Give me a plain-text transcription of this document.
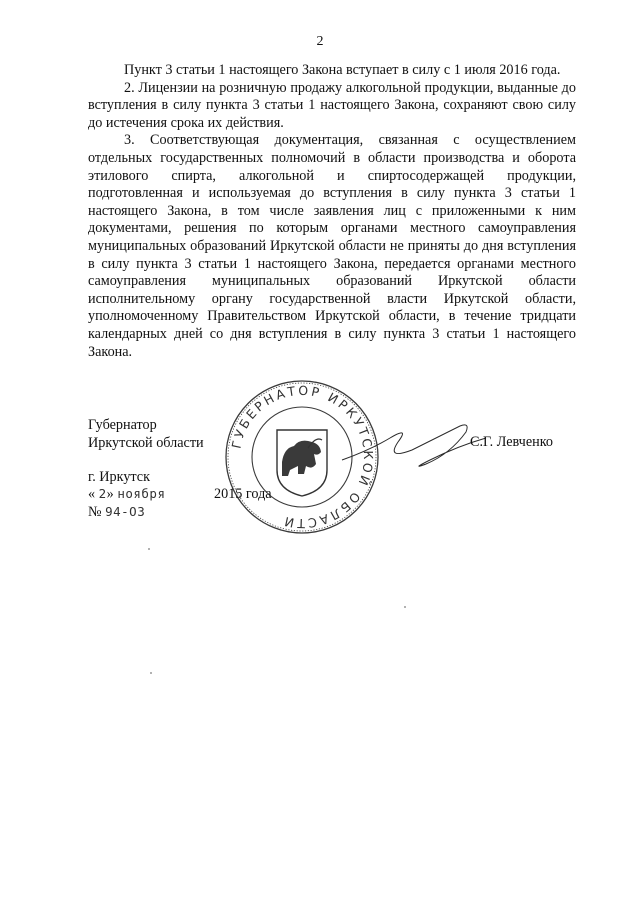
2

Пункт 3 статьи 1 настоящего Закона вступает в силу с 1 июля 2016 года.

2. Лицензии на розничную продажу алкогольной продукции, выданные до вступления в силу пункта 3 статьи 1 настоящего Закона, сохраняют свою силу до истечения срока их действия.

3. Соответствующая документация, связанная с осуществлением отдельных государственных полномочий в области производства и оборота этилового спирта, алкогольной и спиртосодержащей продукции, подготовленная и используемая до вступления в силу пункта 3 статьи 1 настоящего Закона, в том числе заявления лиц с приложенными к ним документами, решения по которым органами местного самоуправления муниципальных образований Иркутской области не приняты до дня вступления в силу пункта 3 статьи 1 настоящего Закона, передается органами местного самоуправления муниципальных образований Иркутской области исполнительному органу государственной власти Иркутской области, уполномоченному Правительством Иркутской области, в течение тридцати календарных дней со дня вступления в силу пункта 3 статьи 1 настоящего Закона.

Губернатор
Иркутской области ГУБЕРНАТОР ИРКУТСКОЙ ОБЛАСТИ
С.Г. Левченко
г. Иркутск
« 2» ноября	2015 года
№ 94-ОЗ
